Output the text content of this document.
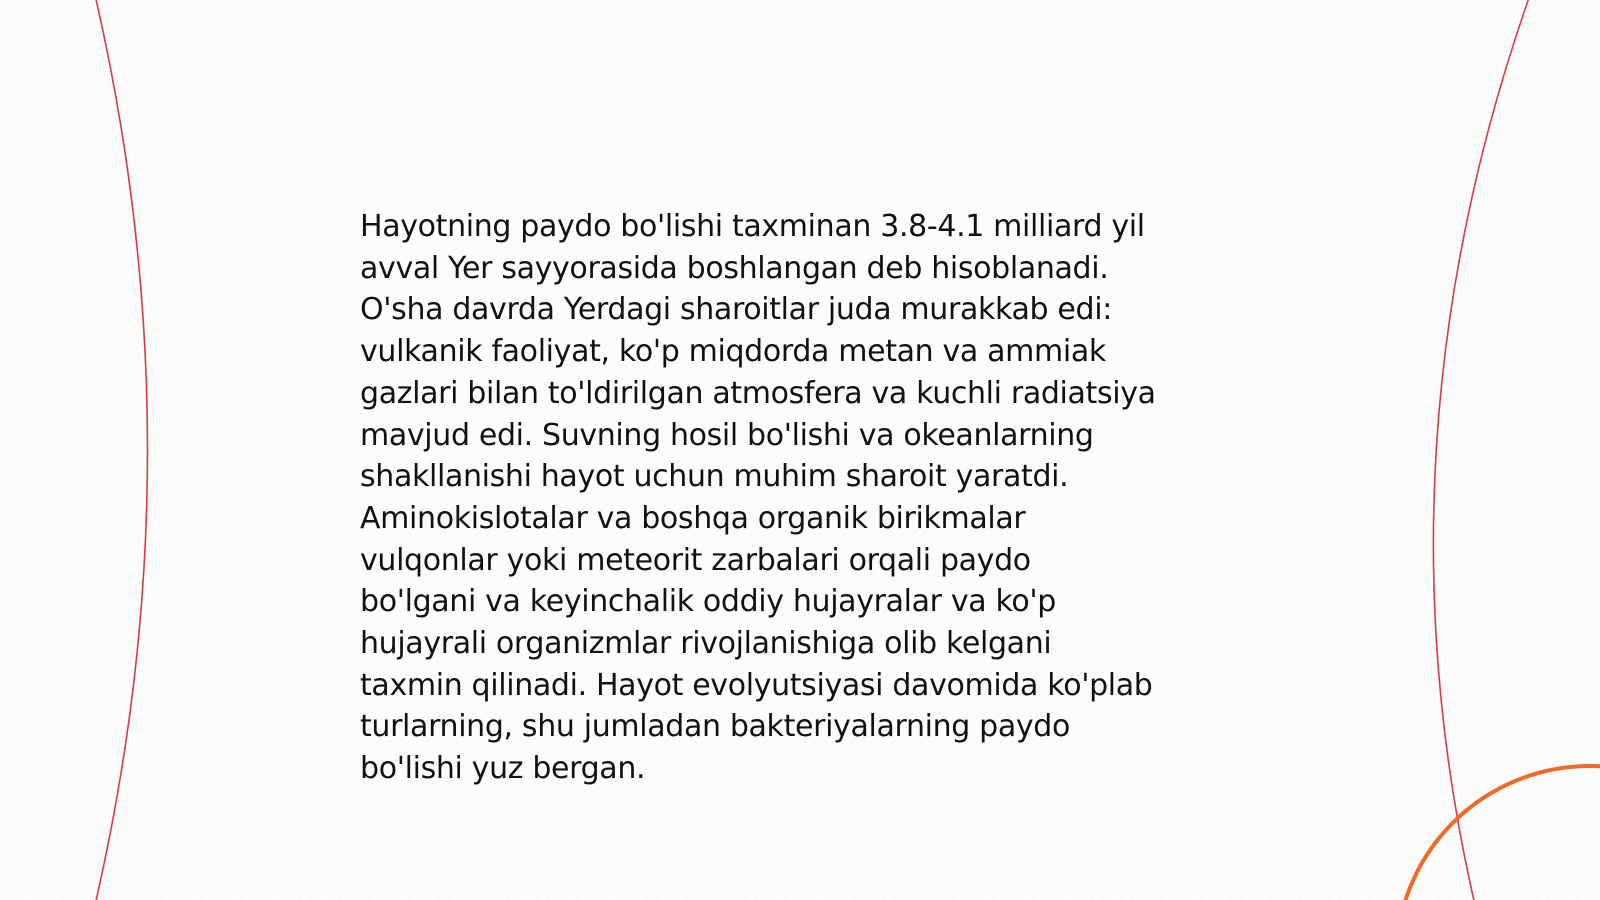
Hayotning paydo bo'lishi taxminan 3.8-4.1 milliard yil
avval Yer sayyorasida boshlangan deb hisoblanadi.
O'sha davrda Yerdagi sharoitlar juda murakkab edi:
vulkanik faoliyat, ko'p miqdorda metan va ammiak
gazlari bilan to'ldirilgan atmosfera va kuchli radiatsiya
mavjud edi. Suvning hosil bo'lishi va okeanlarning
shakllanishi hayot uchun muhim sharoit yaratdi.
Aminokislotalar va boshqa organik birikmalar
vulqonlar yoki meteorit zarbalari orqali paydo
bo'lgani va keyinchalik oddiy hujayralar va ko'p
hujayrali organizmlar rivojlanishiga olib kelgani
taxmin qilinadi. Hayot evolyutsiyasi davomida ko'plab
turlarning, shu jumladan bakteriyalarning paydo
bo'lishi yuz bergan.
